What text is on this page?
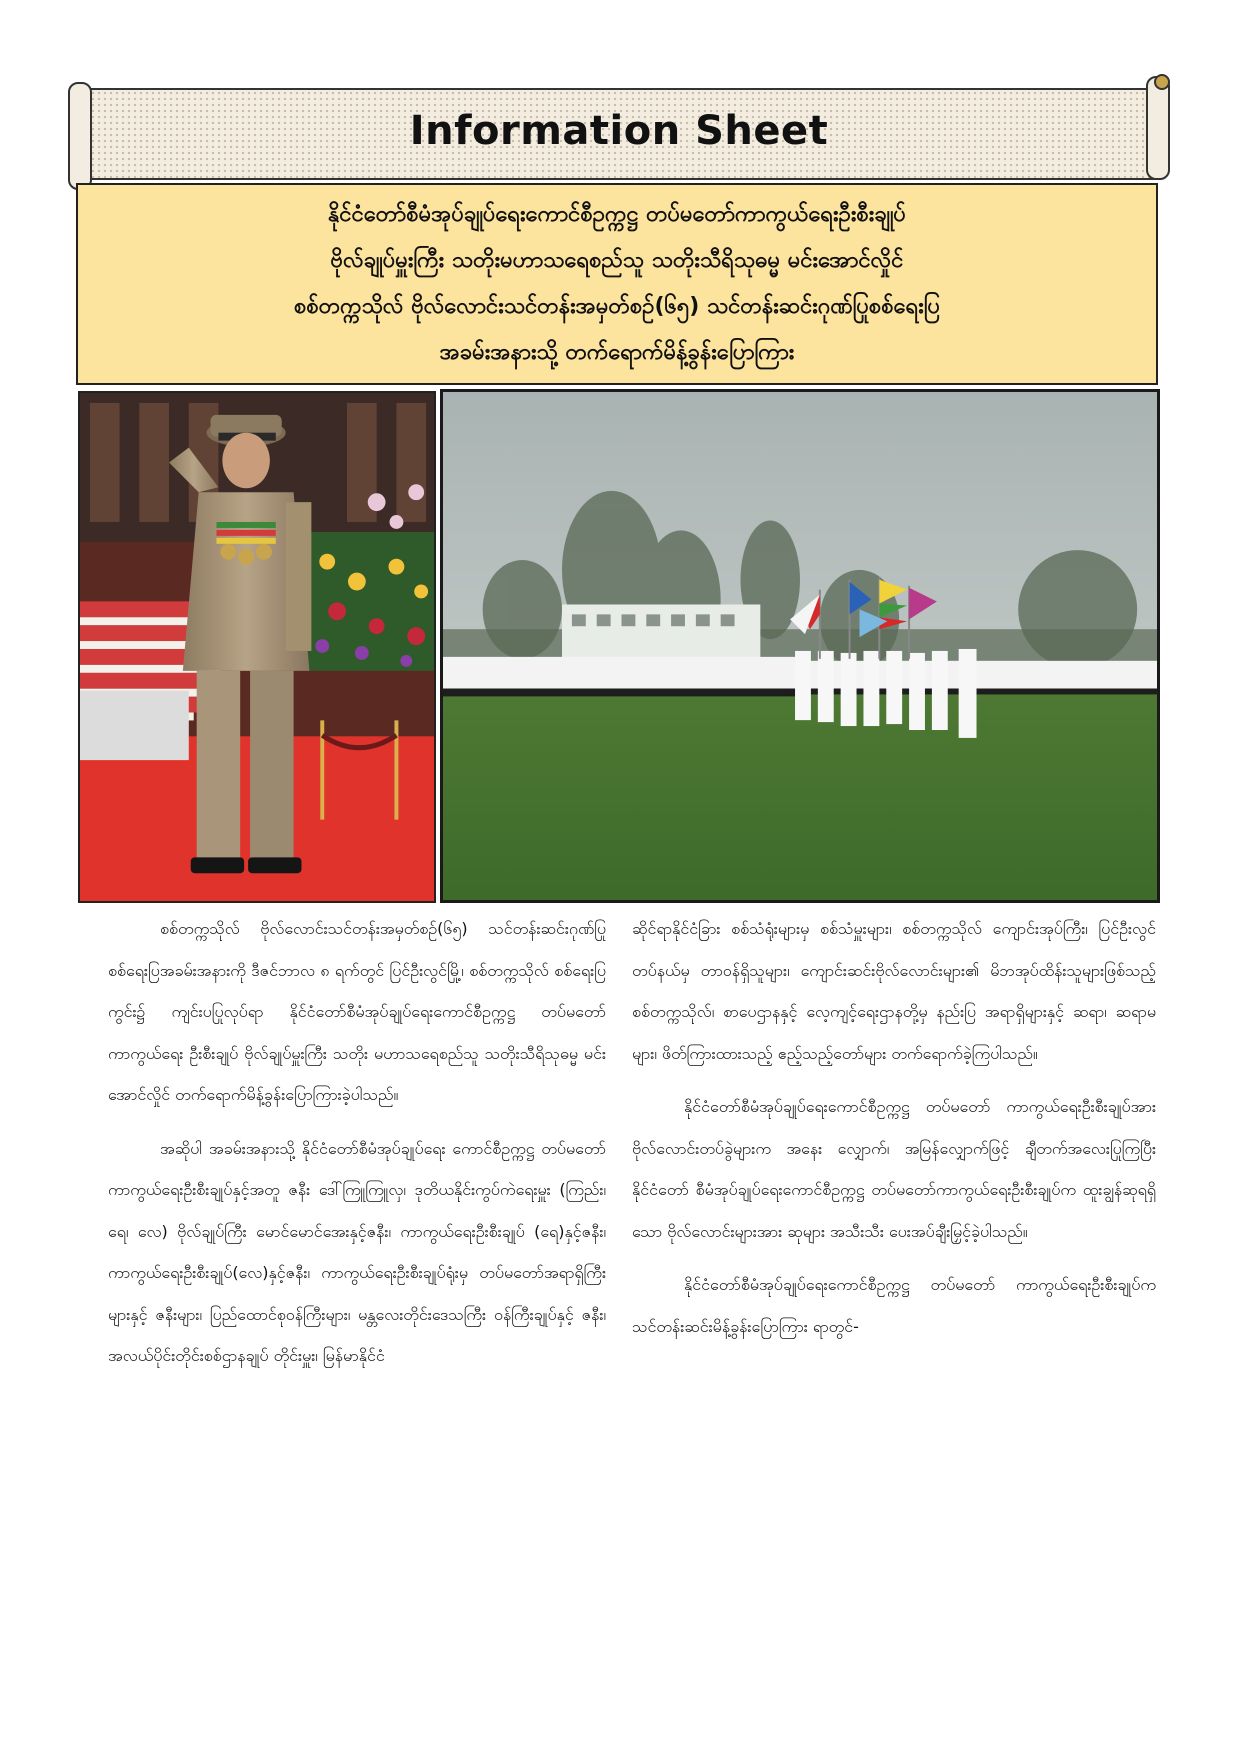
Information Sheet
နိုင်ငံတော်စီမံအုပ်ချုပ်ရေးကောင်စီဥက္ကဋ္ဌ တပ်မတော်ကာကွယ်ရေးဦးစီးချုပ်
ဗိုလ်ချုပ်မှူးကြီး သတိုးမဟာသရေစည်သူ သတိုးသီရိသုဓမ္မ မင်းအောင်လှိုင်
စစ်တက္ကသိုလ် ဗိုလ်လောင်းသင်တန်းအမှတ်စဉ်(၆၅) သင်တန်းဆင်းဂုဏ်ပြုစစ်ရေးပြ
အခမ်းအနားသို့ တက်ရောက်မိန့်ခွန်းပြောကြား

စစ်တက္ကသိုလ် ဗိုလ်လောင်းသင်တန်းအမှတ်စဉ်(၆၅) သင်တန်းဆင်းဂုဏ်ပြု စစ်ရေးပြအခမ်းအနားကို ဒီဇင်ဘာလ ၈ ရက်တွင် ပြင်ဦးလွင်မြို့၊ စစ်တက္ကသိုလ် စစ်ရေးပြကွင်း၌ ကျင်းပပြုလုပ်ရာ နိုင်ငံတော်စီမံအုပ်ချုပ်ရေးကောင်စီဥက္ကဋ္ဌ တပ်မတော်ကာကွယ်ရေး ဦးစီးချုပ် ဗိုလ်ချုပ်မှူးကြီး သတိုး မဟာသရေစည်သူ သတိုးသီရိသုဓမ္မ မင်းအောင်လှိုင် တက်ရောက်မိန့်ခွန်းပြောကြားခဲ့ပါသည်။

အဆိုပါ အခမ်းအနားသို့ နိုင်ငံတော်စီမံအုပ်ချုပ်ရေး ကောင်စီဥက္ကဋ္ဌ တပ်မတော်ကာကွယ်ရေးဦးစီးချုပ်နှင့်အတူ ဇနီး ဒေါ်ကြူကြူလှ၊ ဒုတိယနိုင်းကွပ်ကဲရေးမှူး (ကြည်း၊ ရေ၊ လေ) ဗိုလ်ချုပ်ကြီး မောင်မောင်အေးနှင့်ဇနီး၊ ကာကွယ်ရေးဦးစီးချုပ် (ရေ)နှင့်ဇနီး၊ ကာကွယ်ရေးဦးစီးချုပ်(လေ)နှင့်ဇနီး၊ ကာကွယ်ရေးဦးစီးချုပ်ရုံးမှ တပ်မတော်အရာရှိကြီးများနှင့် ဇနီးများ၊ ပြည်ထောင်စုဝန်ကြီးများ၊ မန္တလေးတိုင်းဒေသကြီး ဝန်ကြီးချုပ်နှင့် ဇနီး၊ အလယ်ပိုင်းတိုင်းစစ်ဌာနချုပ် တိုင်းမှူး၊ မြန်မာနိုင်ငံ

ဆိုင်ရာနိုင်ငံခြား စစ်သံရုံးများမှ စစ်သံမှူးများ၊ စစ်တက္ကသိုလ် ကျောင်းအုပ်ကြီး၊ ပြင်ဦးလွင်တပ်နယ်မှ တာဝန်ရှိသူများ၊ ကျောင်းဆင်းဗိုလ်လောင်းများ၏ မိဘအုပ်ထိန်းသူများဖြစ်သည့် စစ်တက္ကသိုလ်၊ စာပေဌာနနှင့် လေ့ကျင့်ရေးဌာနတို့မှ နည်းပြ အရာရှိများနှင့် ဆရာ၊ ဆရာမများ၊ ဖိတ်ကြားထားသည့် ဧည့်သည့်တော်များ တက်ရောက်ခဲ့ကြပါသည်။

နိုင်ငံတော်စီမံအုပ်ချုပ်ရေးကောင်စီဥက္ကဋ္ဌ တပ်မတော် ကာကွယ်ရေးဦးစီးချုပ်အား ဗိုလ်လောင်းတပ်ခွဲများက အနေး လျှောက်၊ အမြန်လျှောက်ဖြင့် ချီတက်အလေးပြုကြပြီး နိုင်ငံတော် စီမံအုပ်ချုပ်ရေးကောင်စီဥက္ကဋ္ဌ တပ်မတော်ကာကွယ်ရေးဦးစီးချုပ်က ထူးချွန်ဆုရရှိသော ဗိုလ်လောင်းများအား ဆုများ အသီးသီး ပေးအပ်ချီးမြှင့်ခဲ့ပါသည်။

နိုင်ငံတော်စီမံအုပ်ချုပ်ရေးကောင်စီဥက္ကဋ္ဌ တပ်မတော် ကာကွယ်ရေးဦးစီးချုပ်က သင်တန်းဆင်းမိန့်ခွန်းပြောကြား ရာတွင်-
